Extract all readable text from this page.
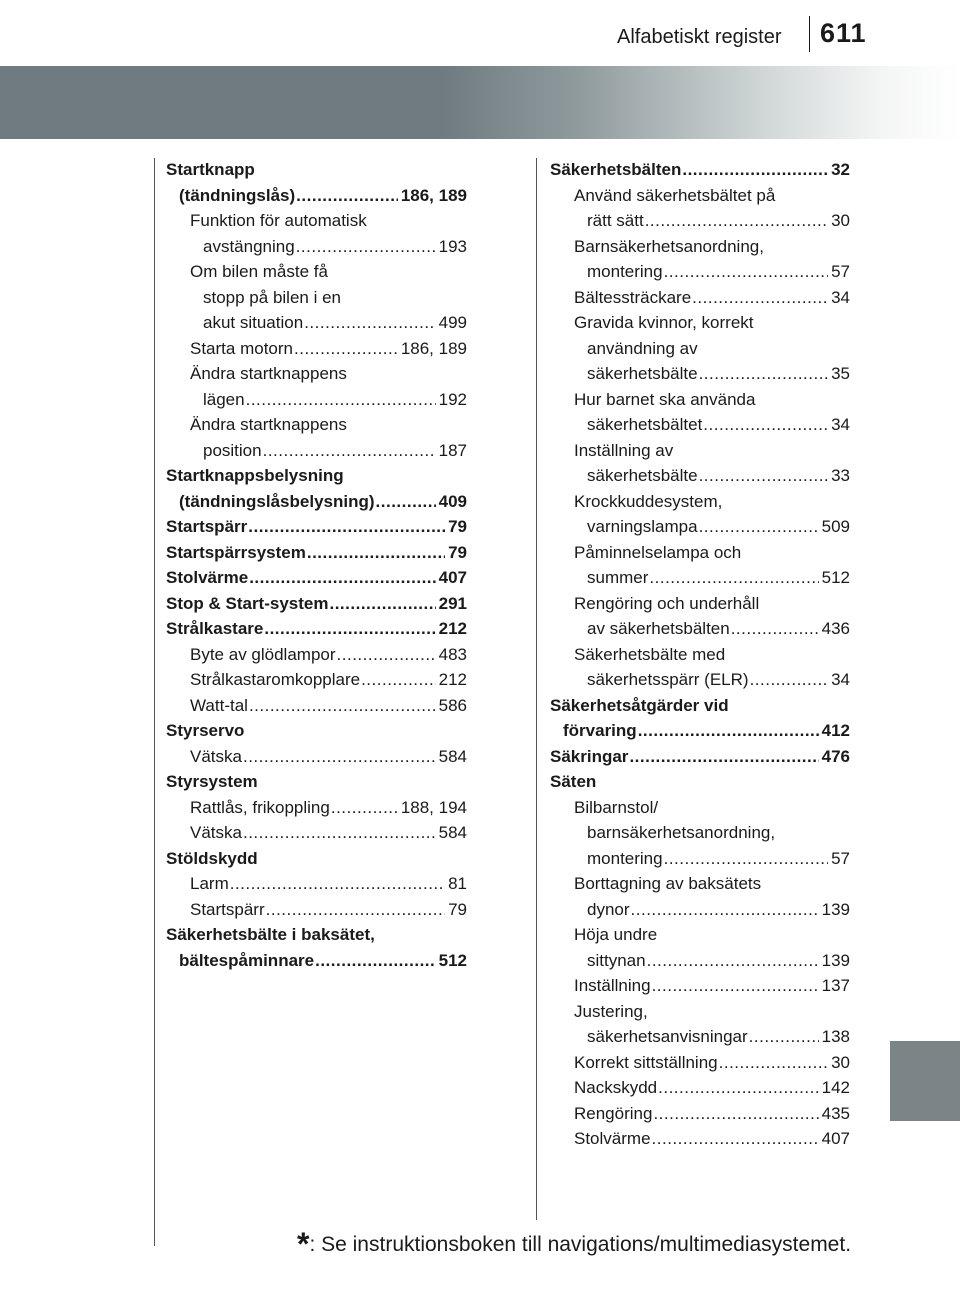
Alfabetiskt register 611
Startknapp
(tändningslås) .....	186, 189
Funktion för automatisk
avstängning .....	193
Om bilen måste få
stopp på bilen i en
akut situation .....	499
Starta motorn .....	186, 189
Ändra startknappens
lägen .....	192
Ändra startknappens
position .....	187
Startknappsbelysning
(tändningslåsbelysning) .....	409
Startspärr .....	79
Startspärrsystem .....	79
Stolvärme .....	407
Stop & Start-system .....	291
Strålkastare .....	212
Byte av glödlampor .....	483
Strålkastaromkopplare .....	212
Watt-tal .....	586
Styrservo
Vätska .....	584
Styrsystem
Rattlås, frikoppling .....	188, 194
Vätska .....	584
Stöldskydd
Larm .....	81
Startspärr .....	79
Säkerhetsbälte i baksätet,
bältespåminnare .....	512
Säkerhetsbälten .....	32
Använd säkerhetsbältet på
rätt sätt .....	30
Barnsäkerhetsanordning,
montering .....	57
Bältessträckare .....	34
Gravida kvinnor, korrekt
användning av
säkerhetsbälte .....	35
Hur barnet ska använda
säkerhetsbältet .....	34
Inställning av
säkerhetsbälte .....	33
Krockkuddesystem,
varningslampa .....	509
Påminnelselampa och
summer .....	512
Rengöring och underhåll
av säkerhetsbälten .....	436
Säkerhetsbälte med
säkerhetsspärr (ELR) .....	34
Säkerhetsåtgärder vid
förvaring .....	412
Säkringar .....	476
Säten
Bilbarnstol/
barnsäkerhetsanordning,
montering .....	57
Borttagning av baksätets
dynor .....	139
Höja undre
sittynan .....	139
Inställning .....	137
Justering,
säkerhetsanvisningar .....	138
Korrekt sittställning .....	30
Nackskydd .....	142
Rengöring .....	435
Stolvärme .....	407
*: Se instruktionsboken till navigations/multimediasystemet.
